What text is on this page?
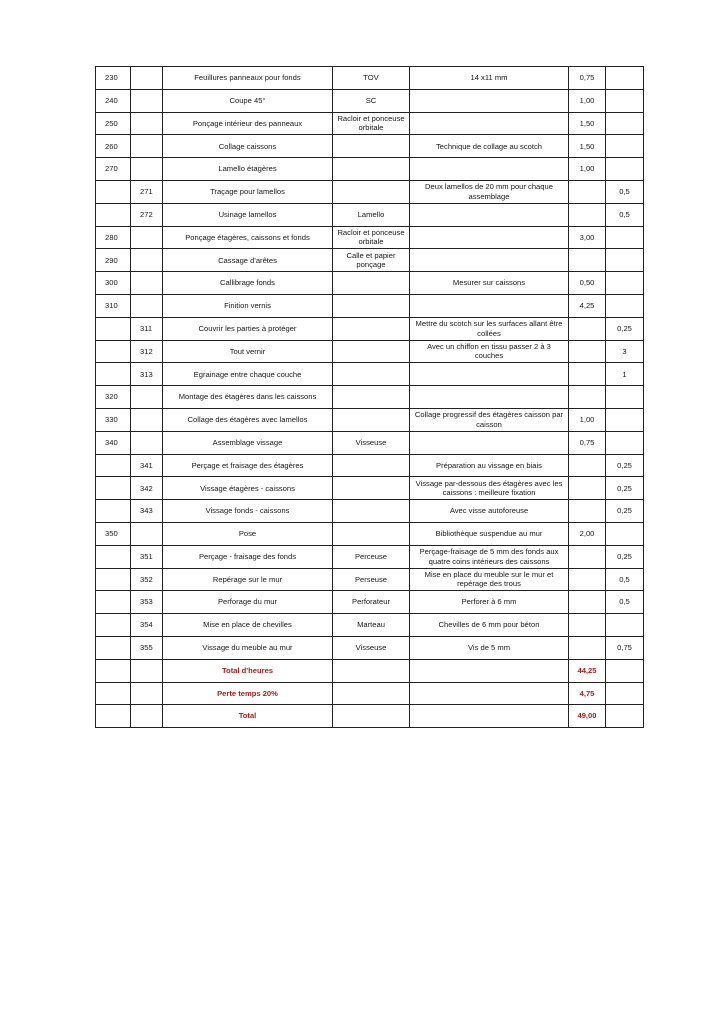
230		Feuillures panneaux pour fonds	TOV	14 x11 mm	0,75	
240		Coupe 45°	SC		1,00	
250		Ponçage intérieur des panneaux	Racloir et ponceuse orbitale		1,50	
260		Collage caissons		Technique de collage au scotch	1,50	
270		Lamello étagères			1,00	
	271	Traçage pour lamellos		Deux lamellos de 20 mm pour chaque assemblage		0,5
	272	Usinage lamellos	Lamello			0,5
280		Ponçage étagères, caissons et fonds	Racloir et ponceuse orbitale		3,00	
290		Cassage d'arêtes	Calle et papier ponçage			
300		Callibrage fonds		Mesurer sur caissons	0,50	
310		Finition vernis			4,25	
	311	Couvrir les parties à protéger		Mettre du scotch sur les surfaces allant être collées		0,25
	312	Tout vernir		Avec un chiffon en tissu passer 2 à 3 couches		3
	313	Egrainage entre chaque couche				1
320		Montage des étagères dans les caissons				
330		Collage des étagères avec lamellos		Collage progressif des étagères caisson par caisson	1,00	
340		Assemblage vissage	Visseuse		0,75	
	341	Perçage et fraisage des étagères		Préparation au vissage en biais		0,25
	342	Vissage étagères - caissons		Vissage par-dessous des étagères avec les caissons : meilleure fixation		0,25
	343	Vissage fonds - caissons		Avec visse autoforeuse		0,25
350		Pose		Bibliothèque suspendue au mur	2,00	
	351	Perçage - fraisage des fonds	Perceuse	Perçage-fraisage de 5 mm des fonds aux quatre coins intérieurs des caissons		0,25
	352	Repérage sur le mur	Perseuse	Mise en place du meuble sur le mur et repérage des trous		0,5
	353	Perforage du mur	Perforateur	Perforer à 6 mm		0,5
	354	Mise en place de chevilles	Marteau	Chevilles de 6 mm pour béton		
	355	Vissage du meuble au mur	Visseuse	Vis de 5 mm		0,75
		Total d'heures			44,25	
		Perte temps 20%			4,75	
		Total			49,00	
